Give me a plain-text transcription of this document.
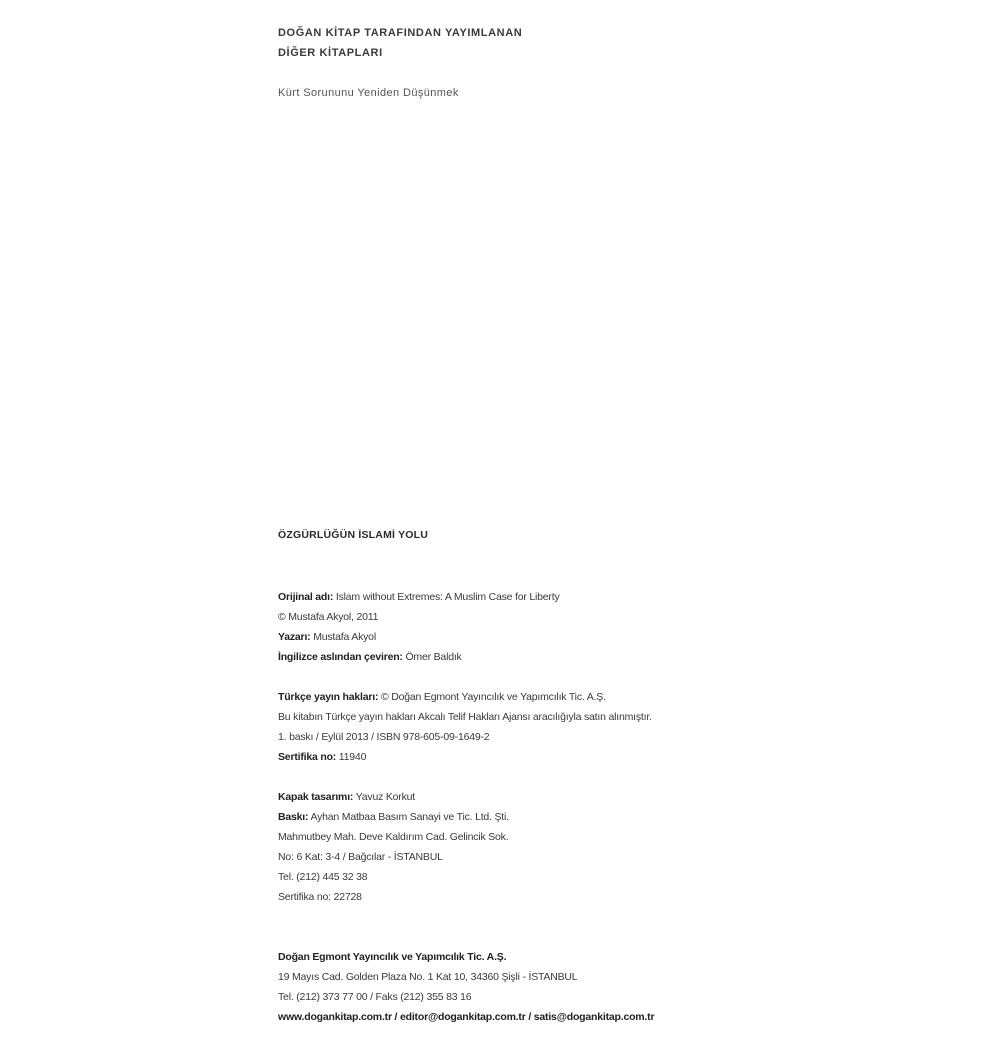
DOĞAN KİTAP TARAFINDAN YAYIMLANAN
DİĞER KİTAPLARI
Kürt Sorununu Yeniden Düşünmek
ÖZGÜRLÜĞÜN İSLAMİ YOLU
Orijinal adı: Islam without Extremes: A Muslim Case for Liberty
© Mustafa Akyol, 2011
Yazarı: Mustafa Akyol
İngilizce aslından çeviren: Ömer Baldık
Türkçe yayın hakları: © Doğan Egmont Yayıncılık ve Yapımcılık Tic. A.Ş.
Bu kitabın Türkçe yayın hakları Akcalı Telif Hakları Ajansı aracılığıyla satın alınmıştır.
1. baskı / Eylül 2013 / ISBN 978-605-09-1649-2
Sertifika no: 11940
Kapak tasarımı: Yavuz Korkut
Baskı: Ayhan Matbaa Basım Sanayi ve Tic. Ltd. Şti.
Mahmutbey Mah. Deve Kaldırım Cad. Gelincik Sok.
No: 6 Kat: 3-4 / Bağcılar - İSTANBUL
Tel. (212) 445 32 38
Sertifika no: 22728
Doğan Egmont Yayıncılık ve Yapımcılık Tic. A.Ş.
19 Mayıs Cad. Golden Plaza No. 1 Kat 10, 34360 Şişli - İSTANBUL
Tel. (212) 373 77 00 / Faks (212) 355 83 16
www.dogankitap.com.tr / editor@dogankitap.com.tr / satis@dogankitap.com.tr
